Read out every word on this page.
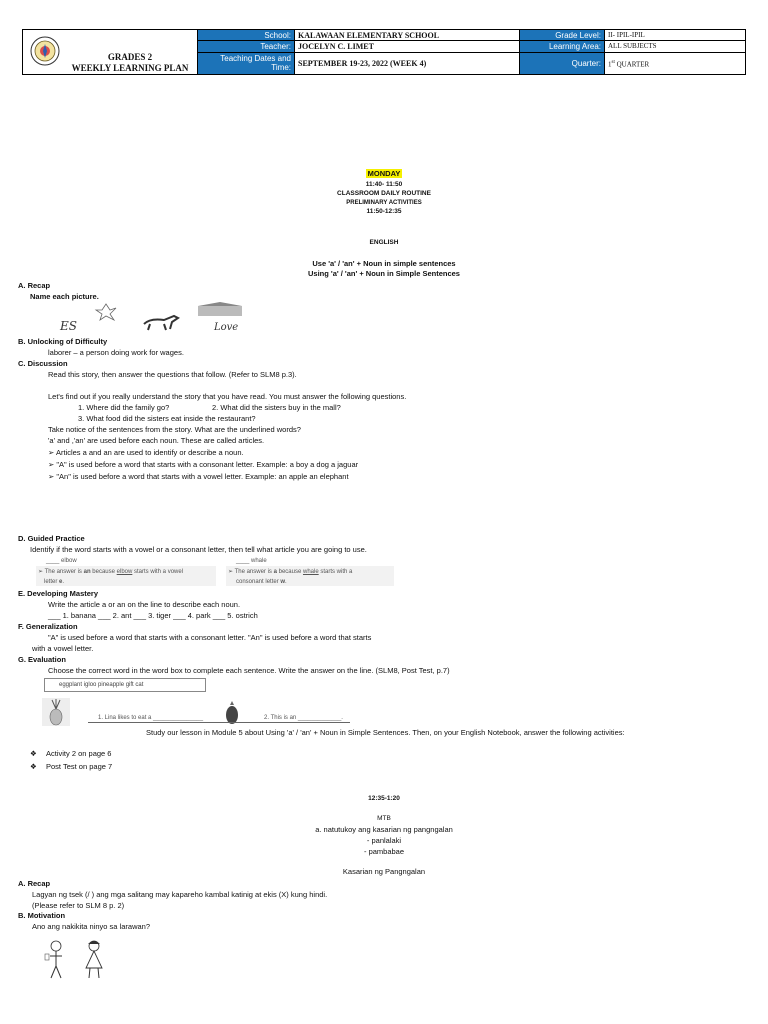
GRADES 2
WEEKLY LEARNING PLAN
	School:	KALAWAAN ELEMENTARY SCHOOL	Grade Level:	II- IPIL-IPIL
	Teacher:	JOCELYN C. LIMET	Learning Area:	ALL SUBJECTS
	Teaching Dates and
Time:	SEPTEMBER 19-23, 2022 (WEEK 4)	Quarter:	1st QUARTER
MONDAY
11:40- 11:50
CLASSROOM DAILY ROUTINE
PRELIMINARY ACTIVITIES
11:50-12:35
ENGLISH
Use 'a' / 'an' + Noun in simple sentences
Using 'a' / 'an' + Noun in Simple Sentences
A. Recap
Name each picture.
ES	Love
B. Unlocking of Difficulty
laborer – a person doing work for wages.
C. Discussion
Read this story, then answer the questions that follow. (Refer to SLM8 p.3).
Let's find out if you really understand the story that you have read. You must answer the following questions.
1. Where did the family go?	2. What did the sisters buy in the mall?
3. What food did the sisters eat inside the restaurant?
Take notice of the sentences from the story. What are the underlined words?
'a' and ,'an' are used before each noun. These are called articles.
➢ Articles a and an are used to identify or describe a noun.
➢ "A" is used before a word that starts with a consonant letter. Example: a boy a dog a jaguar
➢ "An" is used before a word that starts with a vowel letter. Example: an apple an elephant
D. Guided Practice
Identify if the word starts with a vowel or a consonant letter, then tell what article you are going to use.
____ elbow	____ whale
➢ The answer is an because elbow starts with a vowel
letter e.
➢ The answer is a because whale starts with a
consonant letter w.
E. Developing Mastery
Write the article a or an on the line to describe each noun.
___ 1. banana ___ 2. ant ___ 3. tiger ___ 4. park ___ 5. ostrich
F. Generalization
"A" is used before a word that starts with a consonant letter. "An" is used before a word that starts
with a vowel letter.
G. Evaluation
Choose the correct word in the word box to complete each sentence. Write the answer on the line. (SLM8, Post Test, p.7)
eggplant igloo pineapple gift cat
1. Lina likes to eat a _______________	2. This is an _____________.
Study our lesson in Module 5 about Using 'a' / 'an' + Noun in Simple Sentences. Then, on your English Notebook, answer the following activities:
❖ Activity 2 on page 6
❖ Post Test on page 7
12:35-1:20
MTB
a. natutukoy ang kasarian ng pangngalan
- panlalaki
- pambabae
Kasarian ng Pangngalan
A. Recap
Lagyan ng tsek (/ ) ang mga salitang may kapareho kambal katinig at ekis (X) kung hindi.
(Please refer to SLM 8 p. 2)
B. Motivation
Ano ang nakikita ninyo sa larawan?
